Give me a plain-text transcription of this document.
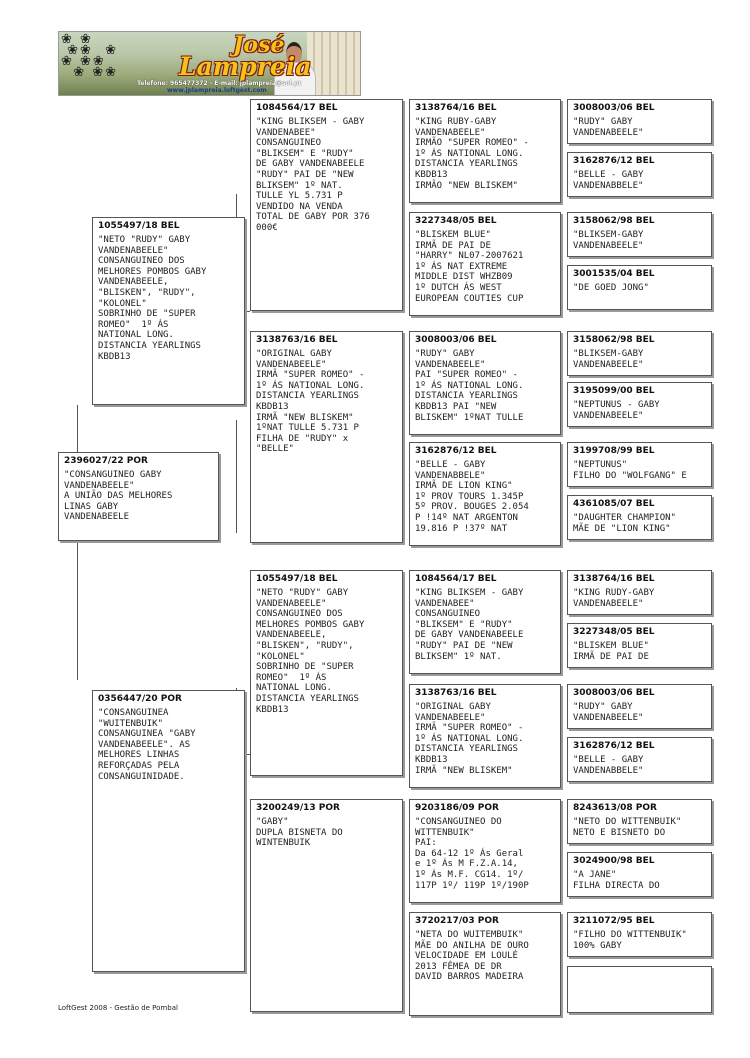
❀ ❀
❀❀  ❀
❀ ❀❀
❀ ❀❀
José
Lampreia
Telefone: 965477372 - E-mail: jplampreia@sol.pt
www.jplampreia.loftgest.com
2396027/22 POR
"CONSANGUINEO GABY
VANDENABEELE"
A UNIÃO DAS MELHORES
LINAS GABY
VANDENABEELE
1055497/18 BEL
"NETO "RUDY" GABY
VANDENABEELE"
CONSANGUINEO DOS
MELHORES POMBOS GABY
VANDENABEELE,
"BLISKEN", "RUDY",
"KOLONEL"
SOBRINHO DE "SUPER
ROMEO"  1º ÁS
NATIONAL LONG.
DISTANCIA YEARLINGS
KBDB13
0356447/20 POR
"CONSANGUINEA
"WUITENBUIK"
CONSANGUINEA "GABY
VANDENABEELE". AS
MELHORES LINHAS
REFORÇADAS PELA
CONSANGUINIDADE.
1084564/17 BEL
"KING BLIKSEM - GABY
VANDENABEE"
CONSANGUINEO
"BLIKSEM" E "RUDY"
DE GABY VANDENABEELE
"RUDY" PAI DE "NEW
BLIKSEM" 1º NAT.
TULLE YL 5.731 P
VENDIDO NA VENDA
TOTAL DE GABY POR 376
000€
3138763/16 BEL
"ORIGINAL GABY
VANDENABEELE"
IRMÃ "SUPER ROMEO" -
1º ÁS NATIONAL LONG.
DISTANCIA YEARLINGS
KBDB13
IRMÃ "NEW BLISKEM"
1ºNAT TULLE 5.731 P
FILHA DE "RUDY" x
"BELLE"
1055497/18 BEL
"NETO "RUDY" GABY
VANDENABEELE"
CONSANGUINEO DOS
MELHORES POMBOS GABY
VANDENABEELE,
"BLISKEN", "RUDY",
"KOLONEL"
SOBRINHO DE "SUPER
ROMEO"  1º ÁS
NATIONAL LONG.
DISTANCIA YEARLINGS
KBDB13
3200249/13 POR
"GABY"
DUPLA BISNETA DO
WINTENBUIK
3138764/16 BEL
"KING RUBY-GABY
VANDENABEELE"
IRMÃO "SUPER ROMEO" -
1º ÁS NATIONAL LONG.
DISTANCIA YEARLINGS
KBDB13
IRMÃO "NEW BLISKEM"
3227348/05 BEL
"BLISKEM BLUE"
IRMÃ DE PAI DE
"HARRY" NL07-2007621
1º ÁS NAT EXTREME
MIDDLE DIST WHZB09
1º DUTCH ÁS WEST
EUROPEAN COUTIES CUP
3008003/06 BEL
"RUDY" GABY
VANDENABEELE"
PAI "SUPER ROMEO" -
1º ÁS NATIONAL LONG.
DISTANCIA YEARLINGS
KBDB13 PAI "NEW
BLISKEM" 1ºNAT TULLE
3162876/12 BEL
"BELLE - GABY
VANDENABBELE"
IRMÃ DE LION KING"
1º PROV TOURS 1.345P
5º PROV. BOUGES 2.054
P !14º NAT ARGENTON
19.816 P !37º NAT
1084564/17 BEL
"KING BLIKSEM - GABY
VANDENABEE"
CONSANGUINEO
"BLIKSEM" E "RUDY"
DE GABY VANDENABEELE
"RUDY" PAI DE "NEW
BLIKSEM" 1º NAT.
3138763/16 BEL
"ORIGINAL GABY
VANDENABEELE"
IRMÃ "SUPER ROMEO" -
1º ÁS NATIONAL LONG.
DISTANCIA YEARLINGS
KBDB13
IRMÃ "NEW BLISKEM"
9203186/09 POR
"CONSANGUINEO DO
WITTENBUIK"
PAI:
Da 64-12 1º Ás Geral
e 1º Ás M F.Z.A.14,
1º Ás M.F. CG14. 1º/
117P 1º/ 119P 1º/190P
3720217/03 POR
"NETA DO WUITEMBUIK"
MÃE DO ANILHA DE OURO
VELOCIDADE EM LOULÉ
2013 FÊMEA DE DR
DAVID BARROS MADEIRA
3008003/06 BEL
"RUDY" GABY
VANDENABEELE"
3162876/12 BEL
"BELLE - GABY
VANDENABBELE"
3158062/98 BEL
"BLIKSEM-GABY
VANDENABEELE"
3001535/04 BEL
"DE GOED JONG"
3158062/98 BEL
"BLIKSEM-GABY
VANDENABEELE"
3195099/00 BEL
"NEPTUNUS - GABY
VANDENABEELE"
3199708/99 BEL
"NEPTUNUS"
FILHO DO "WOLFGANG" E
4361085/07 BEL
"DAUGHTER CHAMPION"
MÃE DE "LION KING"
3138764/16 BEL
"KING RUDY-GABY
VANDENABEELE"
3227348/05 BEL
"BLISKEM BLUE"
IRMÃ DE PAI DE
3008003/06 BEL
"RUDY" GABY
VANDENABEELE"
3162876/12 BEL
"BELLE - GABY
VANDENABBELE"
8243613/08 POR
"NETO DO WITTENBUIK"
NETO E BISNETO DO
3024900/98 BEL
"A JANE"
FILHA DIRECTA DO
3211072/95 BEL
"FILHO DO WITTENBUIK"
100% GABY
LoftGest 2008 - Gestão de Pombal
